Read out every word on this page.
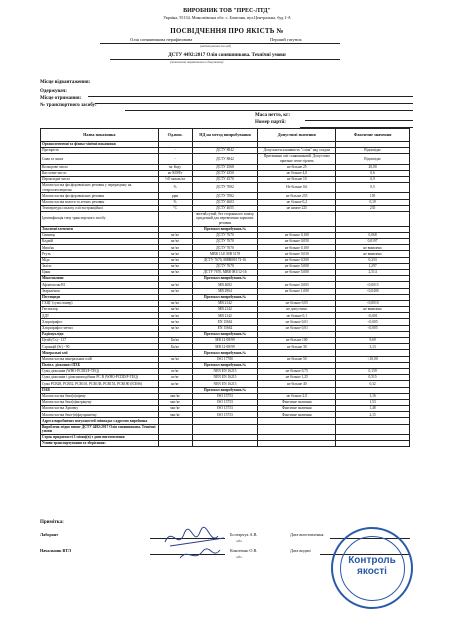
ВИРОБНИК ТОВ "ПРЕС-ЛТД"
Україна, 55134, Миколаївська обл. с. Баштанк, вул.Центральна, буд.1-А
ПОСВІДЧЕННЯ ПРО ЯКІСТЬ №
Олія соняшникова нерафінована	Перший гатунок
(найменування та вид)
ДСТУ 4492:2017 Олія соняшникова. Технічні умови
(позначення нормативного документа)
Місце відвантаження:
Одержувач:
Місце отримання:
№ транспортного засобу:
Маса нетто, кг:
Номер партії:
Назва показника	Од.вим.	НД на метод випробування	Допустимі значення	Фактичне значення
Органолептичні та фізико-хімічні показники				
Прозорість	-	ДСТУ 8842	Допускається наявність "сліпк" над осадом	Відповідає
Смак та запах	-	ДСТУ 8842	Притаманні олії соняшниковій. Допустимо приємне легке гірчить	Відповідає
Кольорове число	мг йоду	ДСТУ 4568	не більше 25	20,00
Кислотне число	мг КОН/г	ДСТУ 4350	не більше 4,0	0,6
Пероксидне число	½О ммоль/кг	ДСТУ 4570	не більше 10	6,9
Масова частка фосфоровмісних речовин у перерахунку на стеароолеолецитин	%	ДСТУ 7082	Не більше 0,6	0,5
Масова частка фосфоровмісних речовин	ppm	ДСТУ 7082	не більше 255	195
Масова частка вологи та летких речовин	%	ДСТУ 4603	не більше 0,2	0,19
Температура спалаху олії екстракційної	°С	ДСТУ 4655	не нижче 225	235
Ідентифікація типу транспортного засобу		чистий,сухий, без стороннього запаху, придатний для перевезення харчових речовин		
Токсичні елементи		Протокол випробувань №		
Свинець	мг/кг	ДСТУ 7670	не більше 0,100	0,068
Кадмій	мг/кг	ДСТУ 7670	не більше 0,050	0,0197
Миш'як	мг/кг	ДСТУ 7670	не більше 0,100	не виявлено
Ртуть	мг/кг	МВВ 13.Е МВ 5178	не більше 0,030	не виявлено
Мідь	мг/кг	ДСТУ 7670, МВВ08/172-16	не більше 0,500	0,233
Залізо	мг/кг	ДСТУ 7670	не більше 5,000	1,297
Цинк	мг/кг	ДСТУ 7670, МВВ 081/12-16	не більше 5,000	2,514
Мікотоксини		Протокол випробувань №		
Афлатоксин В1	мг/кг	МВ 4082	не більше 0,005	<0,0015
Зеараленон	мг/кг	МВ 2964	не більше 1,000	<0,0400
Пестициди		Протокол випробувань №		
ГХЦГ (сума ізомер)	мг/кг	МВ 2142	не більше 0,05	<0,0010
Гептахлор	мг/кг	МВ 2142	не допустимо	не виявлено
ДДТ	мг/кг	МВ 2142	не більше 0,1	<0,001
Хлорпірифос	мг/кг	EN 15662	не більше 0,01	<0,005
Хлорпірифос-метил	мг/кг	EN 15662	не більше 0,01	<0,005
Радіонукліди		Протокол випробувань №		
Цезій (Cs) - 137	Бк/кг	МВ 12-08/99	не більше 100	9,69
Стронцій (Sr) - 90	Бк/кг	МВ 12-08/99	не більше 30	3,13
Мінеральні олії		Протокол випробувань №		
Масова частка мінеральних олій	мг/кг	ISO 17780	не більше 50	<10,00
Поліхл. діоксини і ПХБ		Протокол випробувань №		
Сума діоксинів (WHO-PCDD/F-TEQ)	пг/кг	NEN EN 16215	не більше 0,75	0,139
Сума діоксинів і діоксиноподібних PC B (WHO-PCDD/F-TEQ)	пг/кг	NEN EN 16215	не більше 1,25	0,515
Сума PCB28, PCB52, PCB101, PCB138, PCB153, PCB180 (ICES6)	нг/кг	NEN EN 16215	не більше 40	0,32
ПАВ		Протокол випробувань №		
Масова частка бенз(а)пірену	мкг/кг	ISO 15753	не більше 2,0	1,16
Масова частка бенз(а)антрацену	мкг/кг	ISO 15753	Фактичне значення	1,53
Масова частка Хризену	мкг/кг	ISO 15753	Фактичне значення	1,48
Масова частка бенз-(в)флуорантену	мкг/кг	ISO 15753	Фактичне значення	2,15
Адреса виробничих потужностей співпадає з адресою виробника				
Вироблена згідно вимог ДСТУ 4492:2017 Олія соняшникова. Технічні умови				
Строк придатності 3 місяці(в) з дати виготовлення				
Умови транспортування та зберігання:				
Примітка:
Лаборант	Болтарчук А.В.
пiдп.
Дата виготовлення
Начальник ВТЛ	Кокотенко О.В.
пiдп.
Дата видачі
Контроль
якості
